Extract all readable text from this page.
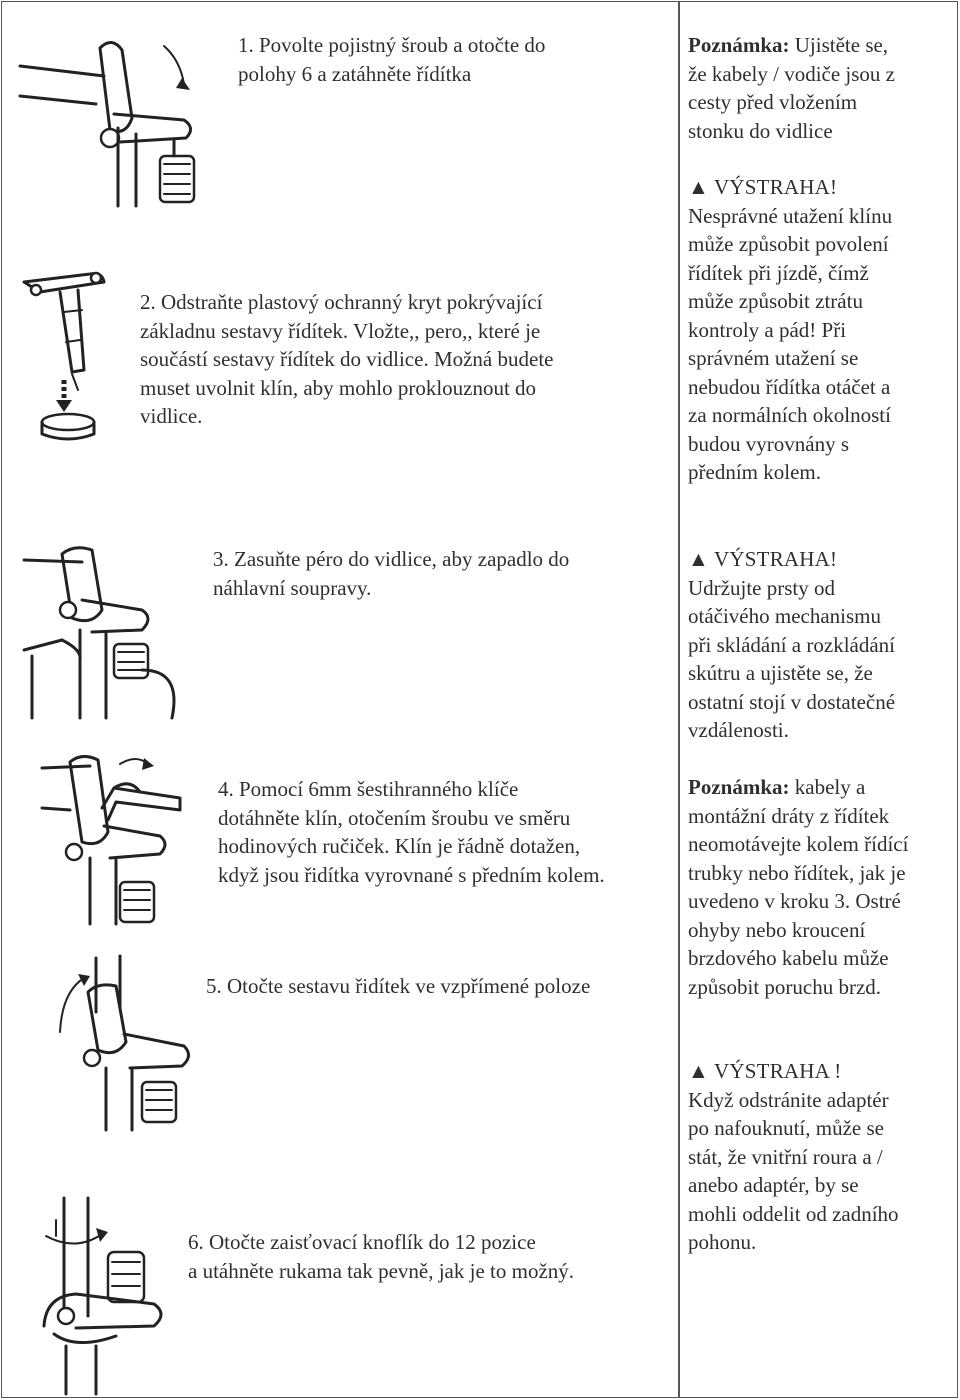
1. Povolte pojistný šroub a otočte do
polohy 6 a zatáhněte řídítka

2. Odstraňte plastový ochranný kryt pokrývající
základnu sestavy řídítek. Vložte,, pero,, které je
součástí sestavy řídítek do vidlice. Možná budete
muset uvolnit klín, aby mohlo proklouznout do
vidlice.

3. Zasuňte péro do vidlice, aby zapadlo do
náhlavní soupravy.

4. Pomocí 6mm šestihranného klíče
dotáhněte klín, otočením šroubu ve směru
hodinových ručiček. Klín je řádně dotažen,
když jsou řidítka vyrovnané s předním kolem.

5. Otočte sestavu řidítek ve vzpřímené poloze

6. Otočte zaisťovací knoflík do 12 pozice
a utáhněte rukama tak pevně, jak je to možný.

Poznámka: Ujistěte se,
že kabely / vodiče jsou z
cesty před vložením
stonku do vidlice
▲ VÝSTRAHA!
Nesprávné utažení klínu
může způsobit povolení
řídítek při jízdě, čímž
může způsobit ztrátu
kontroly a pád! Při
správném utažení se
nebudou řídítka otáčet a
za normálních okolností
budou vyrovnány s
předním kolem.
▲ VÝSTRAHA!
Udržujte prsty od
otáčivého mechanismu
při skládání a rozkládání
skútru a ujistěte se, že
ostatní stojí v dostatečné
vzdálenosti.
Poznámka: kabely a
montážní dráty z řídítek
neomotávejte kolem řídící
trubky nebo řídítek, jak je
uvedeno v kroku 3. Ostré
ohyby nebo kroucení
brzdového kabelu může
způsobit poruchu brzd.
▲ VÝSTRAHA !
Když odstránite adaptér
po nafouknutí, může se
stát, že vnitřní roura a /
anebo adaptér, by se
mohli oddelit od zadního
pohonu.
